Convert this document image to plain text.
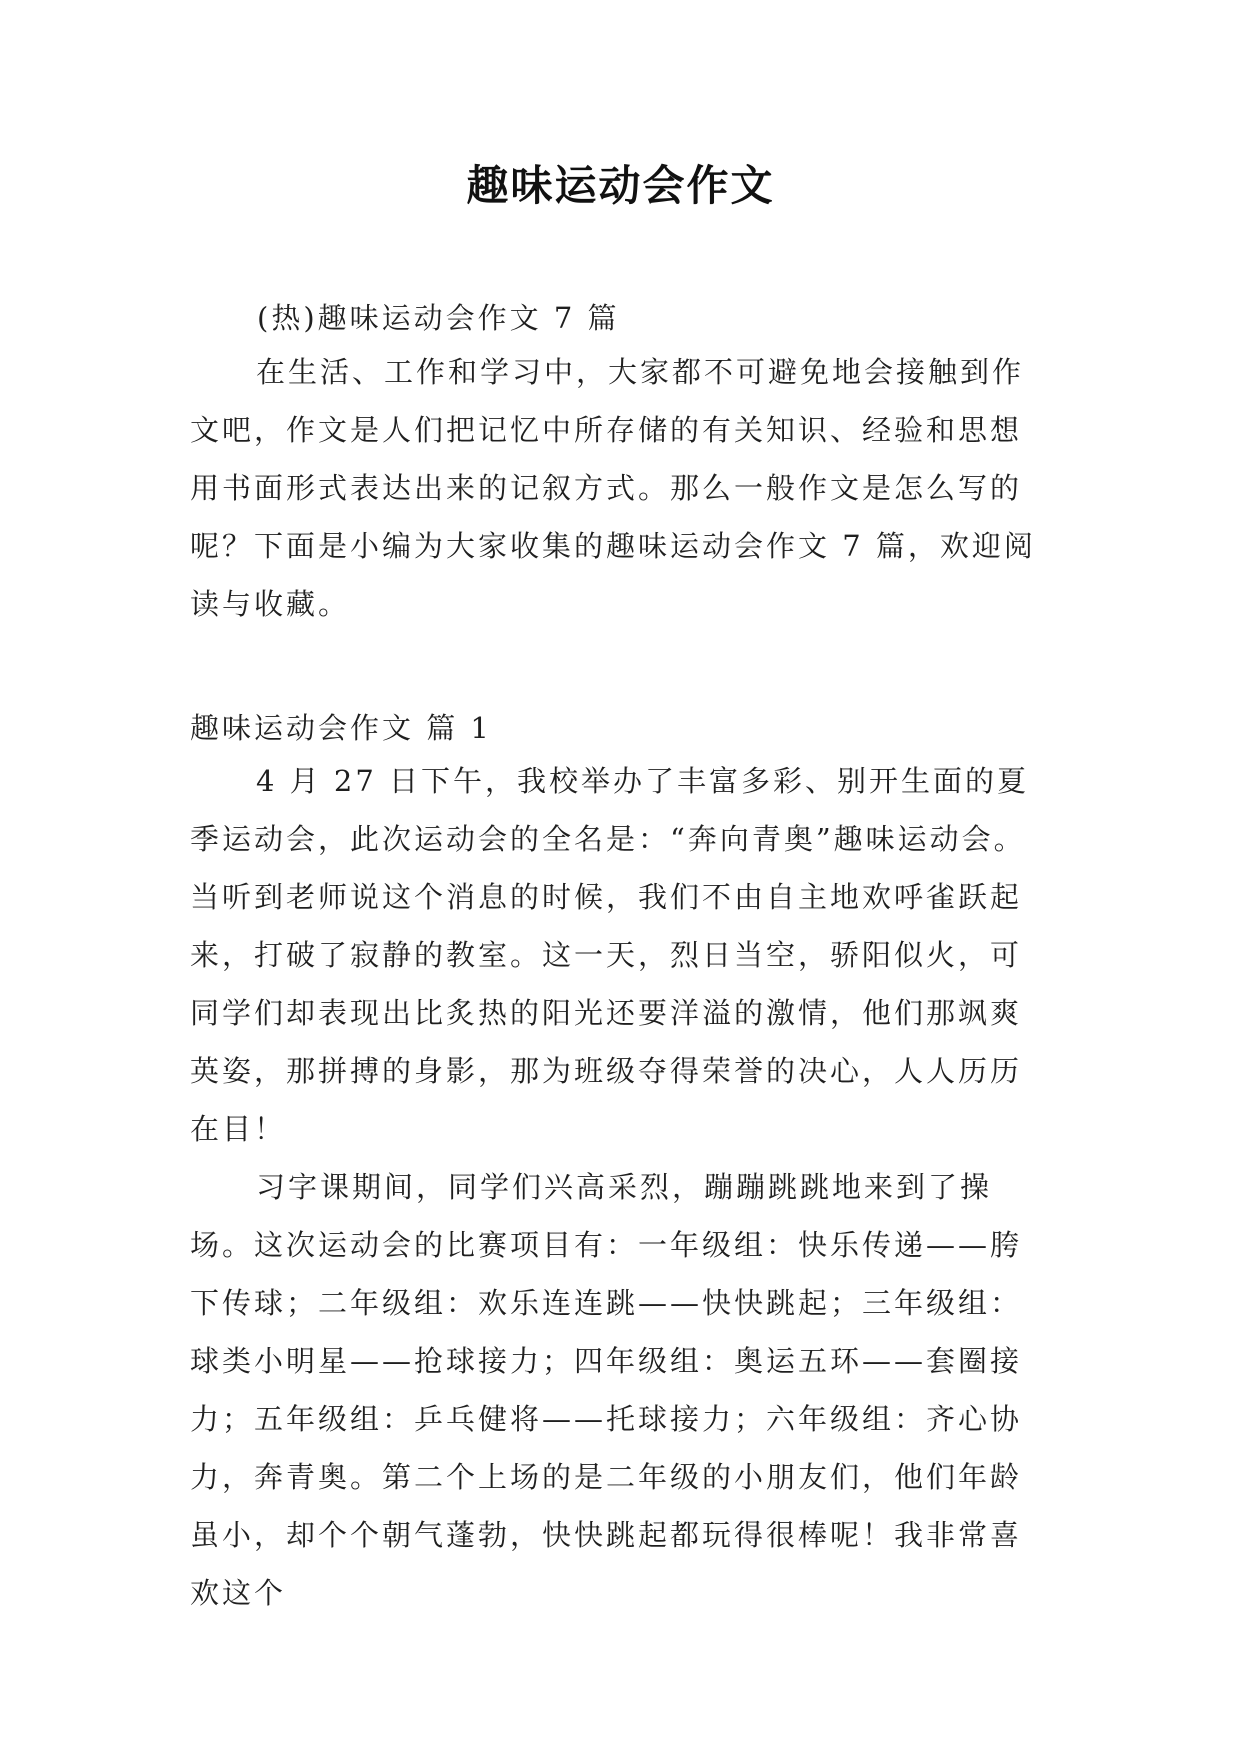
趣味运动会作文
(热)趣味运动会作文 7 篇
在生活、工作和学习中，大家都不可避免地会接触到作文吧，作文是人们把记忆中所存储的有关知识、经验和思想用书面形式表达出来的记叙方式。那么一般作文是怎么写的呢？下面是小编为大家收集的趣味运动会作文 7 篇，欢迎阅读与收藏。
趣味运动会作文 篇 1
4 月 27 日下午，我校举办了丰富多彩、别开生面的夏季运动会，此次运动会的全名是：“奔向青奥”趣味运动会。当听到老师说这个消息的时候，我们不由自主地欢呼雀跃起来，打破了寂静的教室。这一天，烈日当空，骄阳似火，可同学们却表现出比炙热的阳光还要洋溢的激情，他们那飒爽英姿，那拼搏的身影，那为班级夺得荣誉的决心，人人历历在目！
习字课期间，同学们兴高采烈，蹦蹦跳跳地来到了操场。这次运动会的比赛项目有：一年级组：快乐传递——胯下传球；二年级组：欢乐连连跳——快快跳起；三年级组：球类小明星——抢球接力；四年级组：奥运五环——套圈接力；五年级组：乒乓健将——托球接力；六年级组：齐心协力，奔青奥。第二个上场的是二年级的小朋友们，他们年龄虽小，却个个朝气蓬勃，快快跳起都玩得很棒呢！我非常喜欢这个
